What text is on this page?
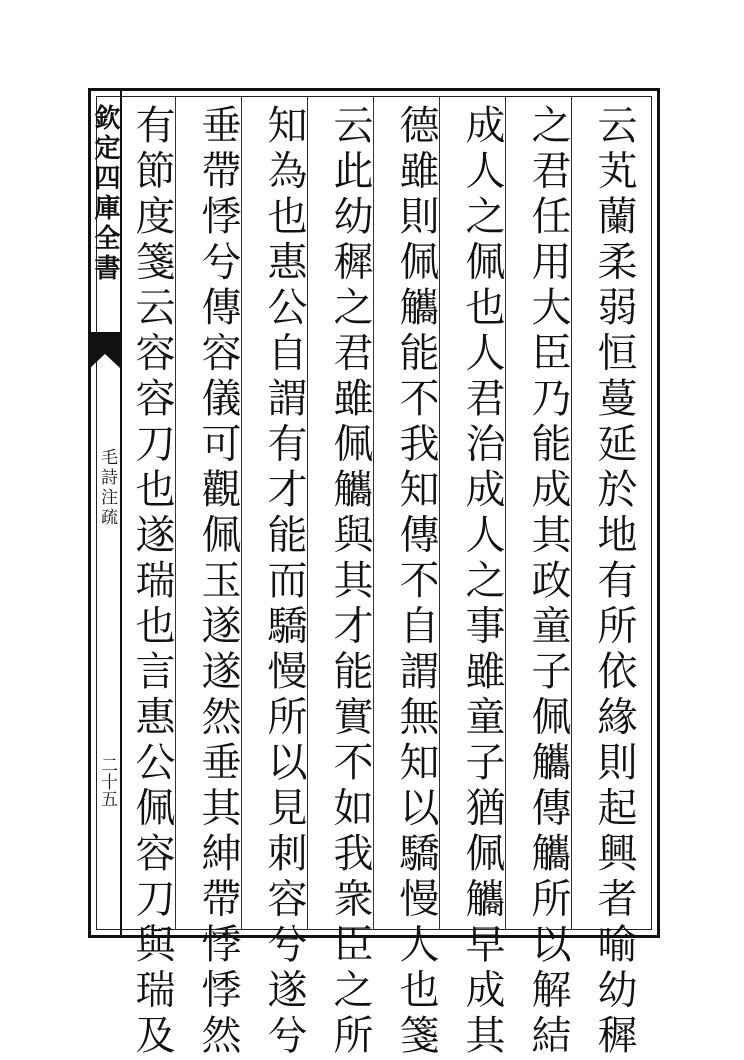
欽定四庫全書
毛詩注疏
二十五	云芄蘭柔弱恒蔓延於地有所依緣則起興者喻幼穉
之君任用大臣乃能成其政童子佩觿傳觿所以解結
成人之佩也人君治成人之事雖童子猶佩觿早成其
德雖則佩觿能不我知傳不自謂無知以驕慢人也箋
云此幼穉之君雖佩觿與其才能實不如我衆臣之所
知為也惠公自謂有才能而驕慢所以見刺容兮遂兮
垂帶悸兮傳容儀可觀佩玉遂遂然垂其紳帶悸悸然
有節度箋云容容刀也遂瑞也言惠公佩容刀與瑞及
